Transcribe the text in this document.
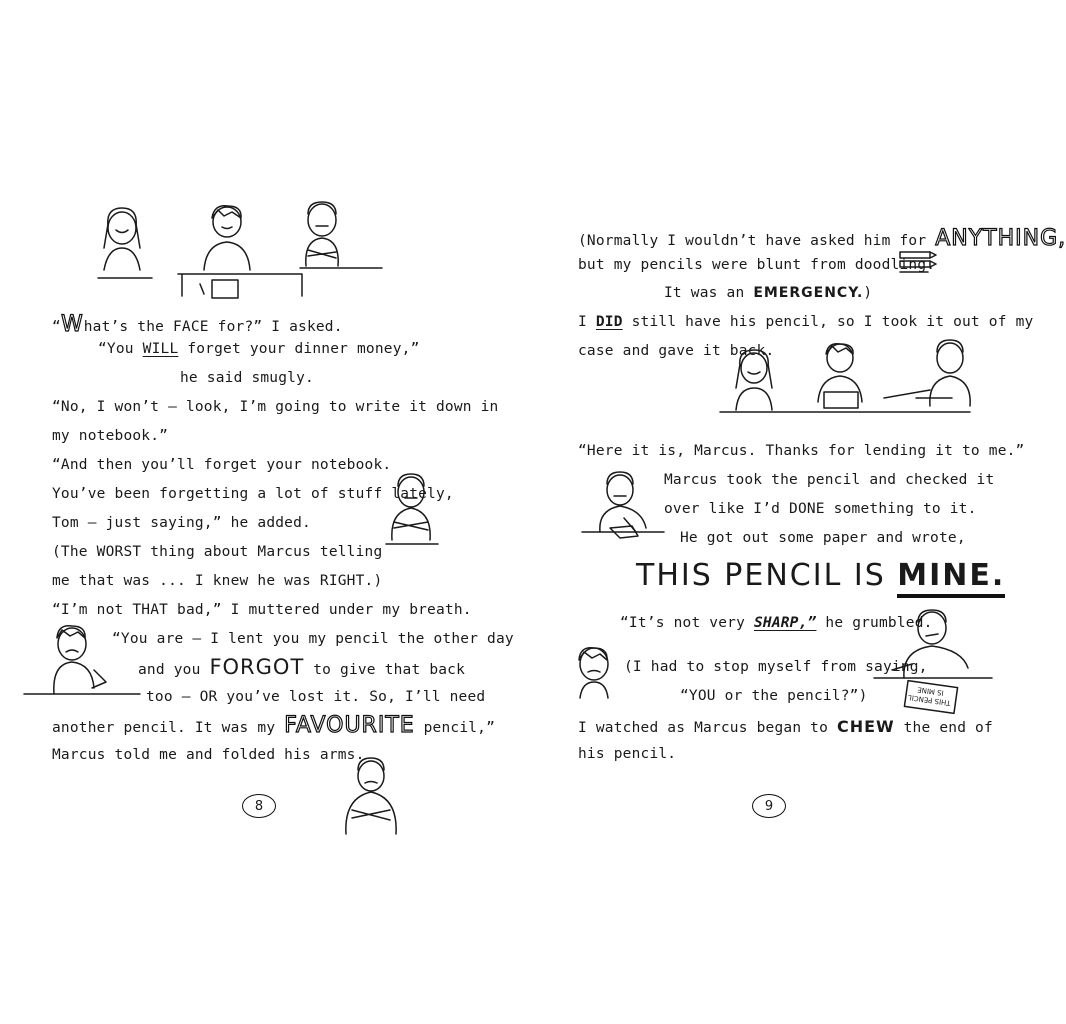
“What’s the FACE for?” I asked.
“You WILL forget your dinner money,”
he said smugly.
“No, I won’t – look, I’m going to write it down in
my notebook.”
“And then you’ll forget your notebook.
You’ve been forgetting a lot of stuff lately,
Tom – just saying,” he added.
(The WORST thing about Marcus telling
me that was ... I knew he was RIGHT.)
“I’m not THAT bad,” I muttered under my breath.
“You are – I lent you my pencil the other day
and you FORGOT to give that back
too – OR you’ve lost it. So, I’ll need
another pencil. It was my FAVOURITE pencil,”
Marcus told me and folded his arms.
8
(Normally I wouldn’t have asked him for ANYTHING,
but my pencils were blunt from doodling.
It was an EMERGENCY.)
I DID still have his pencil, so I took it out of my
case and gave it back.
“Here it is, Marcus. Thanks for lending it to me.”
Marcus took the pencil and checked it
over like I’d DONE something to it.
He got out some paper and wrote,
THIS PENCIL IS MINE.
“It’s not very SHARP,” he grumbled.
(I had to stop myself from saying,
“YOU or the pencil?”)	THIS PENCIL IS MINE
I watched as Marcus began to CHEW the end of
his pencil.
9
